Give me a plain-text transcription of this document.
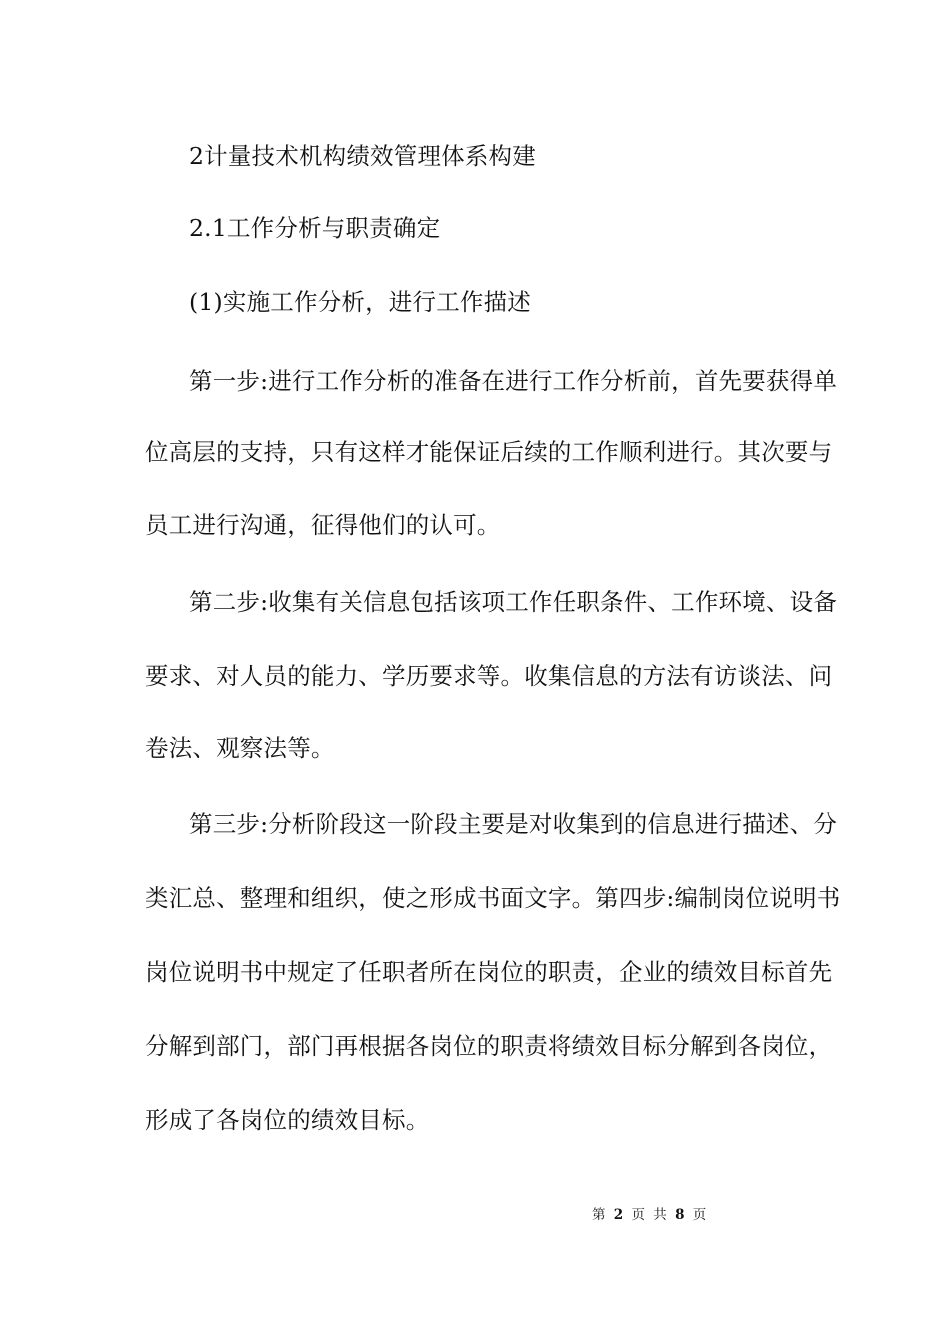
2计量技术机构绩效管理体系构建
2.1工作分析与职责确定
(1)实施工作分析，进行工作描述
第一步:进行工作分析的准备在进行工作分析前，首先要获得单
位高层的支持，只有这样才能保证后续的工作顺利进行。其次要与
员工进行沟通，征得他们的认可。
第二步:收集有关信息包括该项工作任职条件、工作环境、设备
要求、对人员的能力、学历要求等。收集信息的方法有访谈法、问
卷法、观察法等。
第三步:分析阶段这一阶段主要是对收集到的信息进行描述、分
类汇总、整理和组织，使之形成书面文字。第四步:编制岗位说明书
岗位说明书中规定了任职者所在岗位的职责，企业的绩效目标首先
分解到部门，部门再根据各岗位的职责将绩效目标分解到各岗位，
形成了各岗位的绩效目标。
第 2 页 共 8 页
